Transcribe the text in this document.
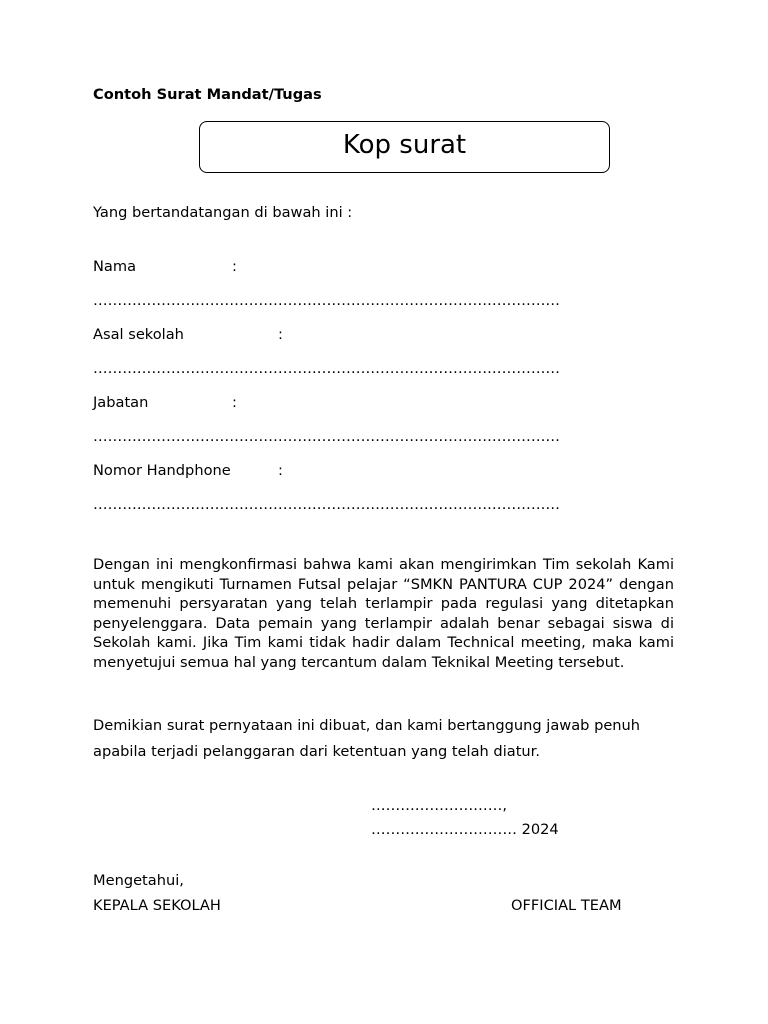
Contoh Surat Mandat/Tugas
Kop surat
Yang bertandatangan di bawah ini :
Nama	:
……………………………………………………………………………………
Asal sekolah	:
……………………………………………………………………………………
Jabatan	:
……………………………………………………………………………………
Nomor Handphone	:
……………………………………………………………………………………
Dengan ini mengkonfirmasi bahwa kami akan mengirimkan Tim sekolah Kami untuk mengikuti Turnamen Futsal pelajar “SMKN PANTURA CUP 2024” dengan memenuhi persyaratan yang telah terlampir pada regulasi yang ditetapkan penyelenggara. Data pemain yang terlampir adalah benar sebagai siswa di Sekolah kami. Jika Tim kami tidak hadir dalam Technical meeting, maka kami menyetujui semua hal yang tercantum dalam Teknikal Meeting tersebut.
Demikian surat pernyataan ini dibuat, dan kami bertanggung jawab penuh apabila terjadi pelanggaran dari ketentuan yang telah diatur.
………………………,
………………………… 2024
Mengetahui,
KEPALA SEKOLAH	OFFICIAL TEAM
